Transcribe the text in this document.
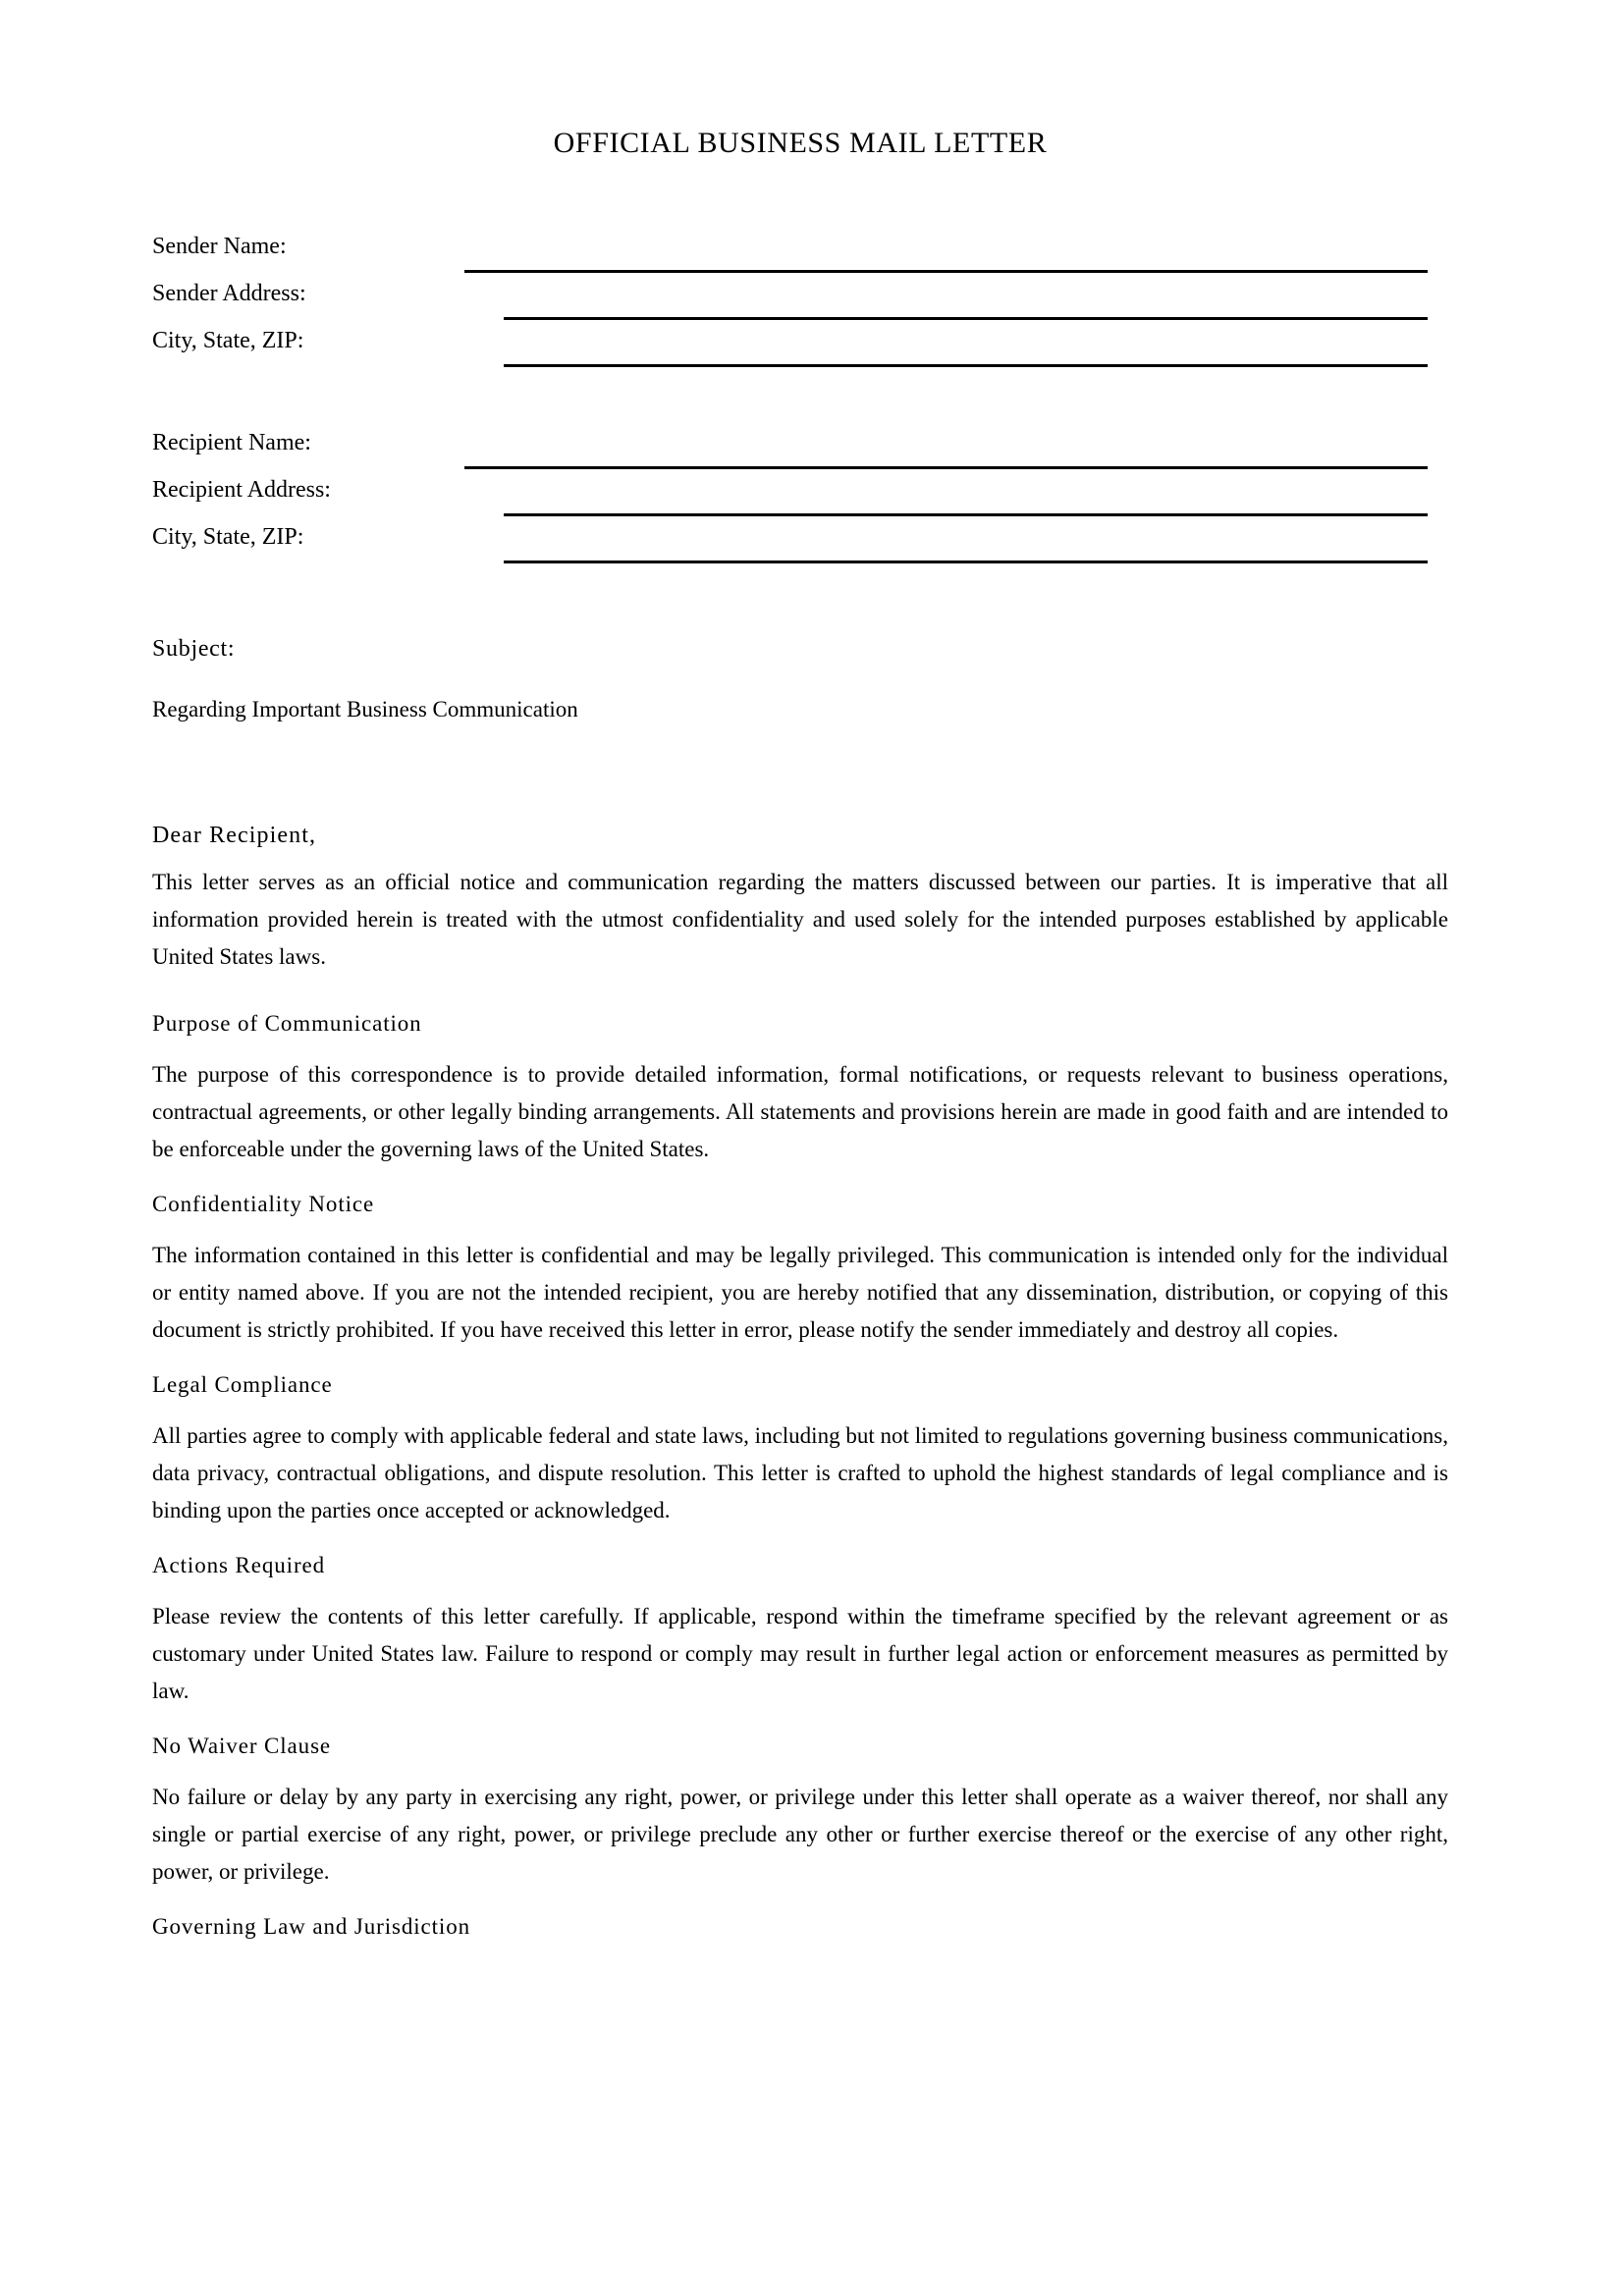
OFFICIAL BUSINESS MAIL LETTER
Sender Name:
Sender Address:
City, State, ZIP:
Recipient Name:
Recipient Address:
City, State, ZIP:
Subject:
Regarding Important Business Communication
Dear Recipient,

This letter serves as an official notice and communication regarding the matters discussed between our parties. It is imperative that all information provided herein is treated with the utmost confidentiality and used solely for the intended purposes established by applicable United States laws.

Purpose of Communication

The purpose of this correspondence is to provide detailed information, formal notifications, or requests relevant to business operations, contractual agreements, or other legally binding arrangements. All statements and provisions herein are made in good faith and are intended to be enforceable under the governing laws of the United States.

Confidentiality Notice

The information contained in this letter is confidential and may be legally privileged. This communication is intended only for the individual or entity named above. If you are not the intended recipient, you are hereby notified that any dissemination, distribution, or copying of this document is strictly prohibited. If you have received this letter in error, please notify the sender immediately and destroy all copies.

Legal Compliance

All parties agree to comply with applicable federal and state laws, including but not limited to regulations governing business communications, data privacy, contractual obligations, and dispute resolution. This letter is crafted to uphold the highest standards of legal compliance and is binding upon the parties once accepted or acknowledged.

Actions Required

Please review the contents of this letter carefully. If applicable, respond within the timeframe specified by the relevant agreement or as customary under United States law. Failure to respond or comply may result in further legal action or enforcement measures as permitted by law.

No Waiver Clause

No failure or delay by any party in exercising any right, power, or privilege under this letter shall operate as a waiver thereof, nor shall any single or partial exercise of any right, power, or privilege preclude any other or further exercise thereof or the exercise of any other right, power, or privilege.

Governing Law and Jurisdiction
